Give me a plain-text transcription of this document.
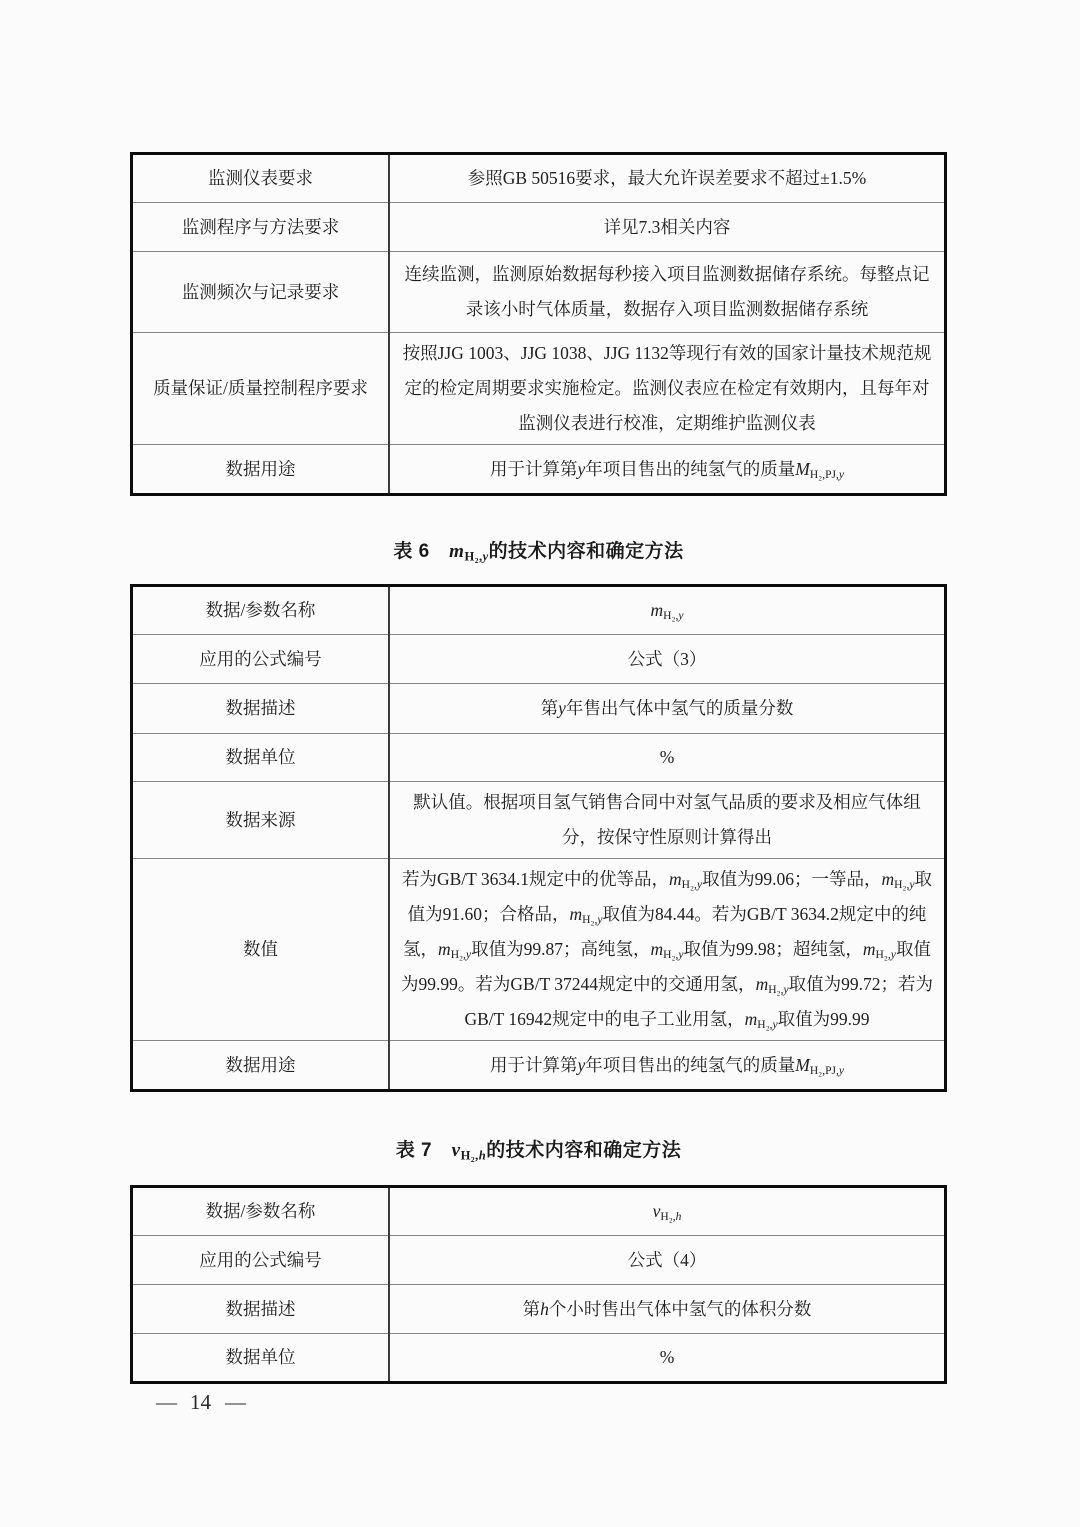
监测仪表要求	参照GB 50516要求，最大允许误差要求不超过±1.5%
监测程序与方法要求	详见7.3相关内容
监测频次与记录要求	连续监测，监测原始数据每秒接入项目监测数据储存系统。每整点记录该小时气体质量，数据存入项目监测数据储存系统
质量保证/质量控制程序要求	按照JJG 1003、JJG 1038、JJG 1132等现行有效的国家计量技术规范规定的检定周期要求实施检定。监测仪表应在检定有效期内，且每年对监测仪表进行校准，定期维护监测仪表
数据用途	用于计算第y年项目售出的纯氢气的质量$M_{H_2,PJ,y}$
表 6　$m_{H_2,y}$的技术内容和确定方法
数据/参数名称	$m_{H_2,y}$
应用的公式编号	公式（3）
数据描述	第y年售出气体中氢气的质量分数
数据单位	%
数据来源	默认值。根据项目氢气销售合同中对氢气品质的要求及相应气体组分，按保守性原则计算得出
数值	若为GB/T 3634.1规定中的优等品，$m_{H_2,y}$取值为99.06；一等品，$m_{H_2,y}$取值为91.60；合格品，$m_{H_2,y}$取值为84.44。若为GB/T 3634.2规定中的纯氢，$m_{H_2,y}$取值为99.87；高纯氢，$m_{H_2,y}$取值为99.98；超纯氢，$m_{H_2,y}$取值为99.99。若为GB/T 37244规定中的交通用氢，$m_{H_2,y}$取值为99.72；若为GB/T 16942规定中的电子工业用氢，$m_{H_2,y}$取值为99.99
数据用途	用于计算第y年项目售出的纯氢气的质量$M_{H_2,PJ,y}$
表 7　$v_{H_2,h}$的技术内容和确定方法
数据/参数名称	$v_{H_2,h}$
应用的公式编号	公式（4）
数据描述	第h个小时售出气体中氢气的体积分数
数据单位	%
— 14 —
